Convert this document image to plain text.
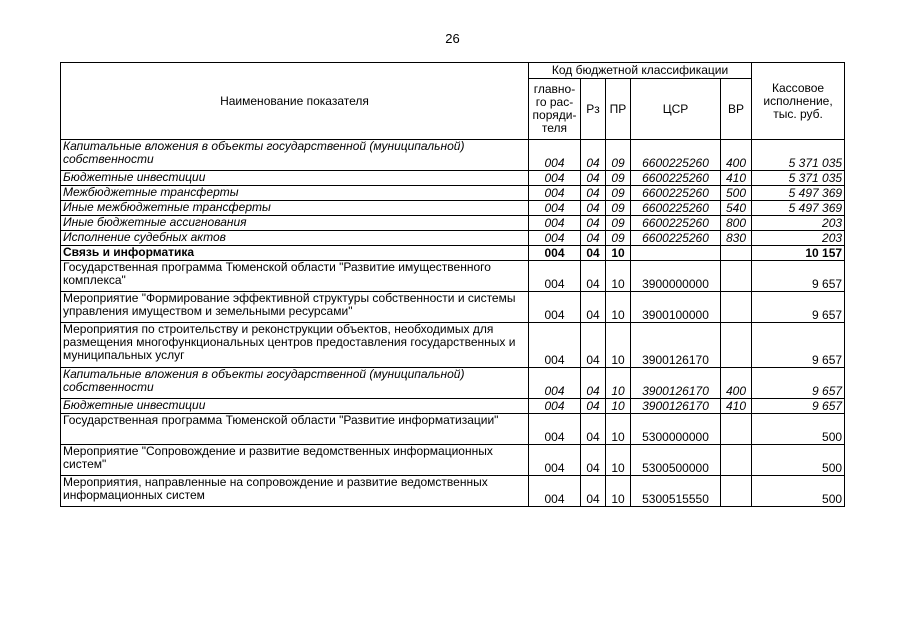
26
Наименование показателя	Код бюджетной классификации					Кассовое исполнение, тыс. руб.
	главно-го рас-поряди-теля	Рз	ПР	ЦСР	ВР	
Капитальные вложения в объекты государственной (муниципальной) собственности	004	04	09	6600225260	400	5 371 035
Бюджетные инвестиции	004	04	09	6600225260	410	5 371 035
Межбюджетные трансферты	004	04	09	6600225260	500	5 497 369
Иные межбюджетные трансферты	004	04	09	6600225260	540	5 497 369
Иные бюджетные ассигнования	004	04	09	6600225260	800	203
Исполнение судебных актов	004	04	09	6600225260	830	203
Связь и информатика	004	04	10			10 157
Государственная программа Тюменской области "Развитие имущественного комплекса"	004	04	10	3900000000		9 657
Мероприятие "Формирование эффективной структуры собственности и системы управления имуществом и земельными ресурсами"	004	04	10	3900100000		9 657
Мероприятия по строительству и реконструкции объектов, необходимых для размещения многофункциональных центров предоставления государственных и муниципальных услуг	004	04	10	3900126170		9 657
Капитальные вложения в объекты государственной (муниципальной) собственности	004	04	10	3900126170	400	9 657
Бюджетные инвестиции	004	04	10	3900126170	410	9 657
Государственная программа Тюменской области "Развитие информатизации"	004	04	10	5300000000		500
Мероприятие "Сопровождение и развитие ведомственных информационных систем"	004	04	10	5300500000		500
Мероприятия, направленные на сопровождение и развитие ведомственных информационных систем	004	04	10	5300515550		500
